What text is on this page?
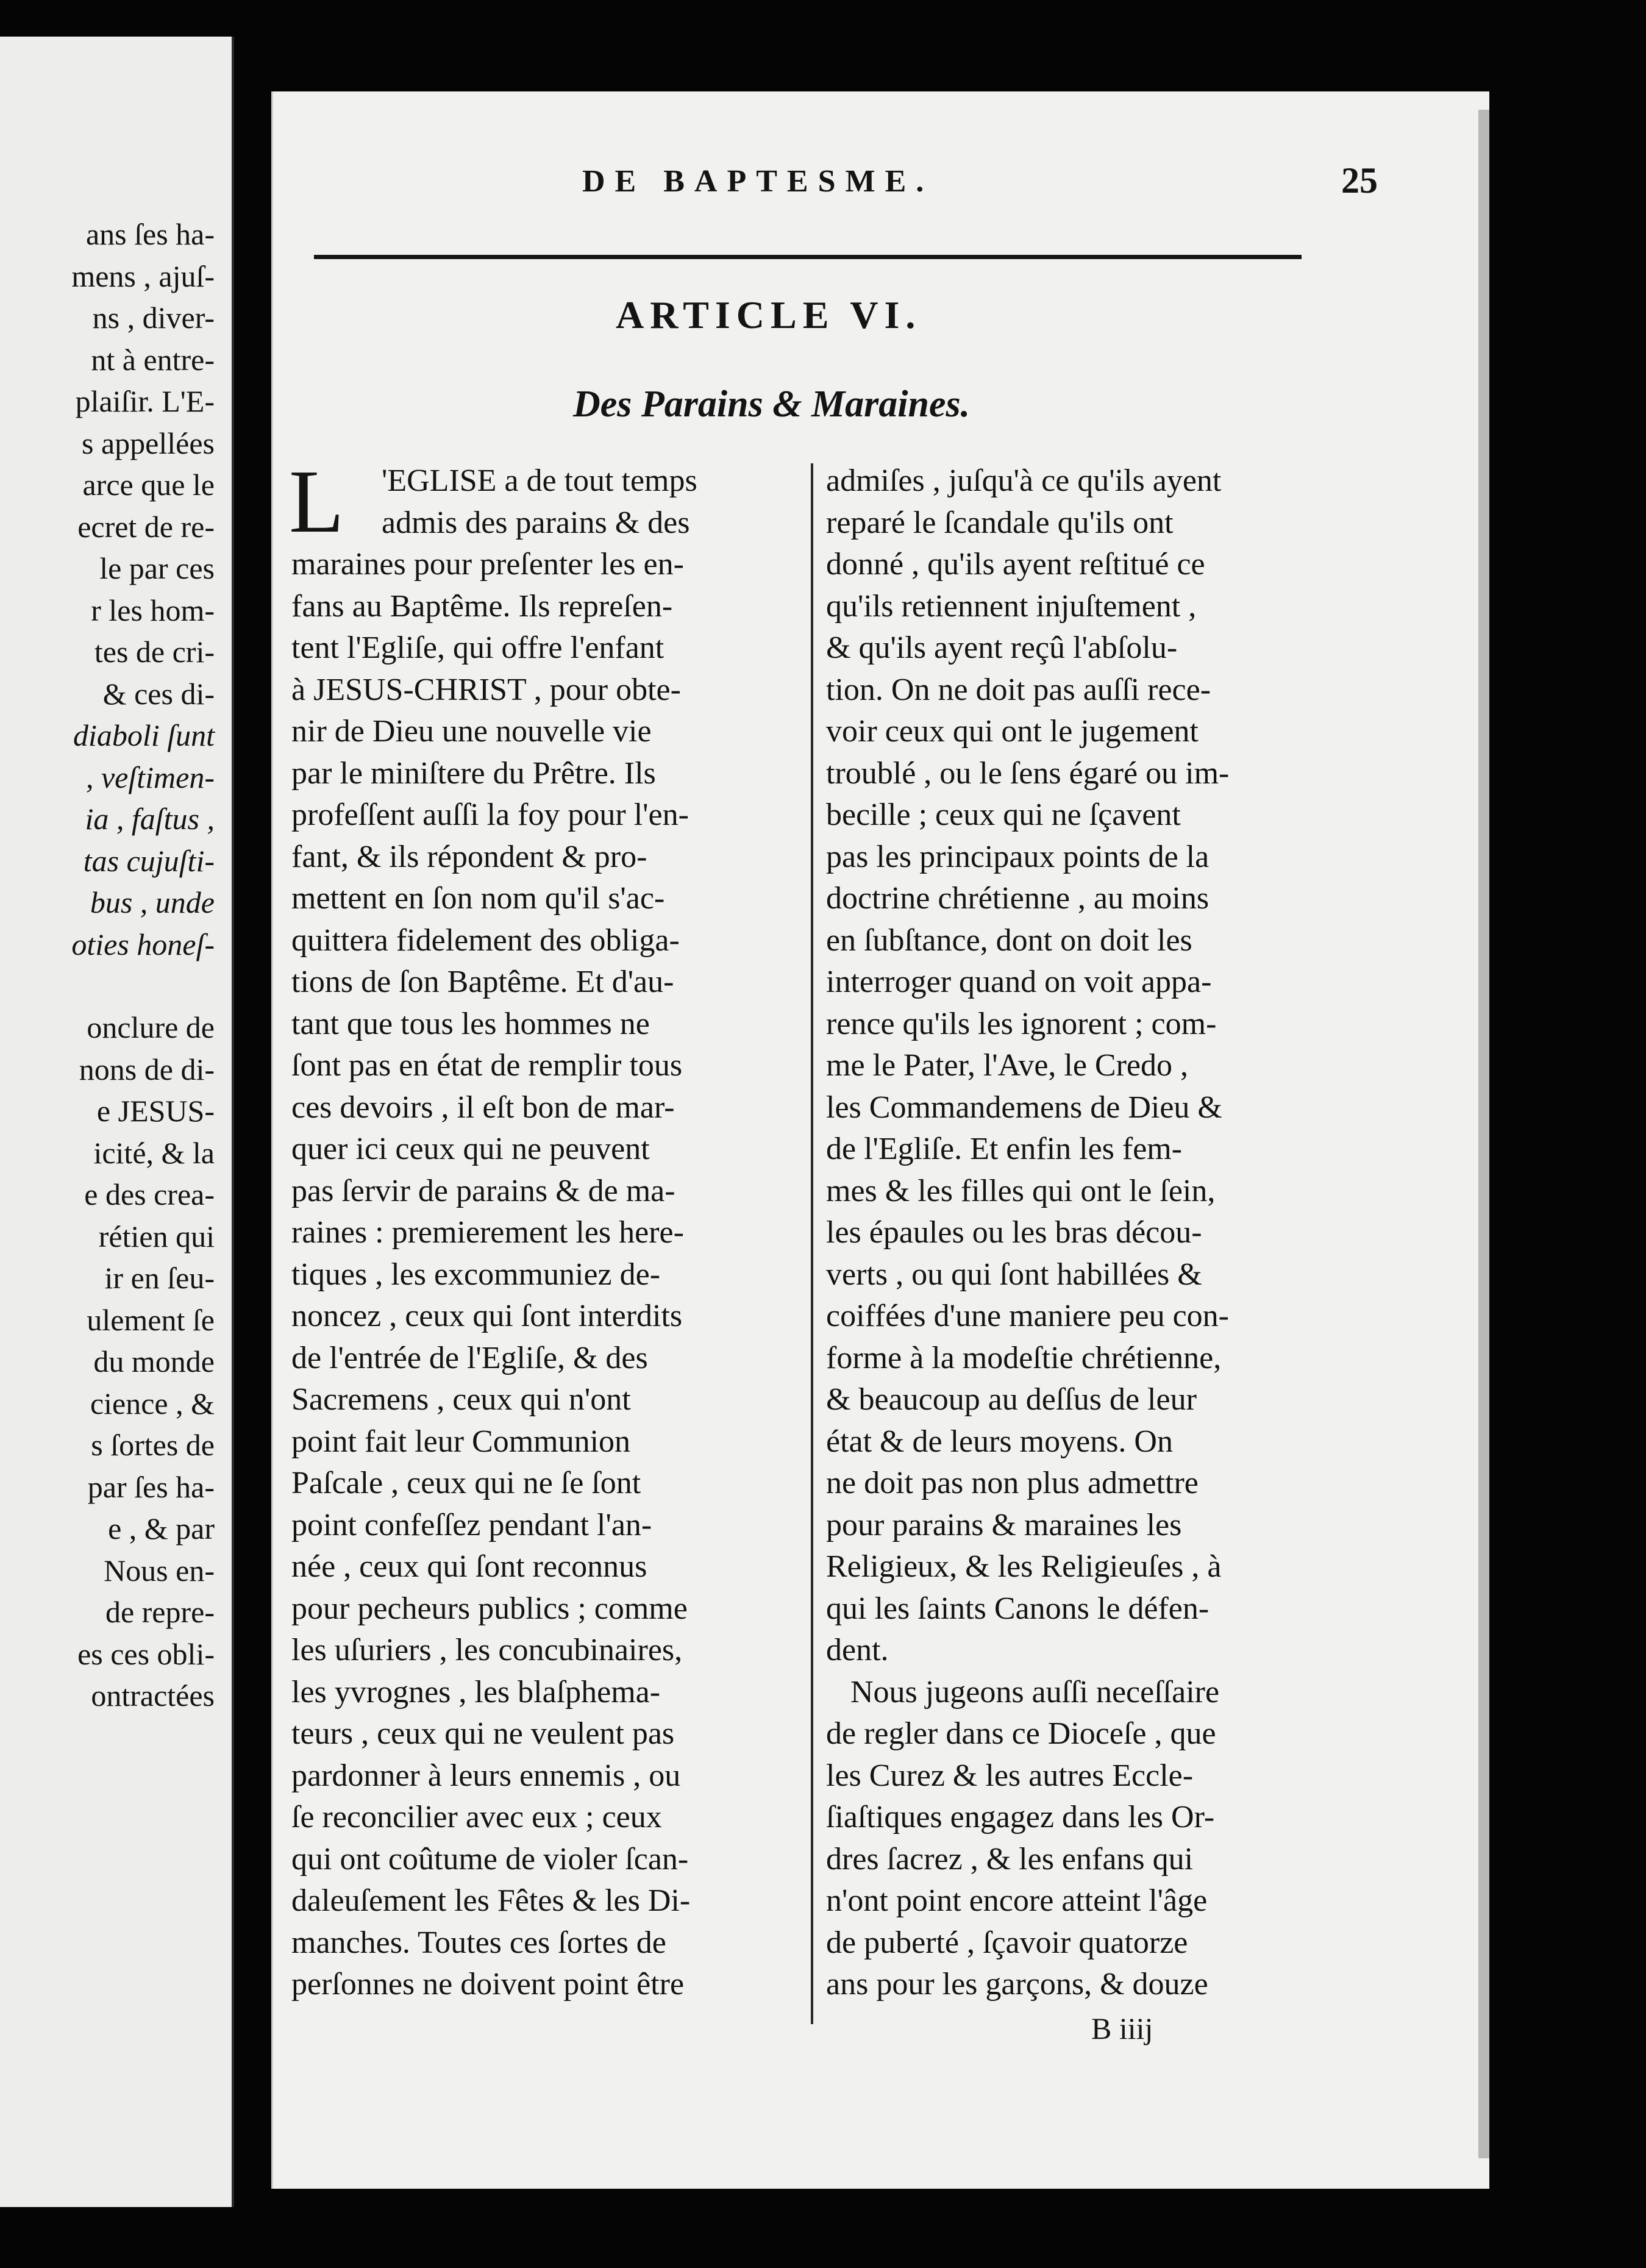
ans ſes ha-
mens , ajuſ-
ns , diver-
nt à entre-
plaiſir. L'E-
s appellées
arce que le
ecret de re-
le par ces
r les hom-
tes de cri-
& ces di-
diaboli ſunt
, veſtimen-
ia , faſtus ,
tas cujuſti-
bus , unde
oties honeſ-
onclure de
nons de di-
e JESUS-
icité, & la
e des crea-
rétien qui
ir en ſeu-
ulement ſe
du monde
cience , &
s ſortes de
par ſes ha-
e , & par
Nous en-
de repre-
es ces obli-
ontractées
DE BAPTESME.	25
ARTICLE VI.
Des Parains & Maraines.
L	'EGLISE a de tout temps
admis des parains & des
maraines pour preſenter les en-
fans au Baptême. Ils repreſen-
tent l'Egliſe, qui offre l'enfant
à JESUS-CHRIST , pour obte-
nir de Dieu une nouvelle vie
par le miniſtere du Prêtre. Ils
profeſſent auſſi la foy pour l'en-
fant, & ils répondent & pro-
mettent en ſon nom qu'il s'ac-
quittera fidelement des obliga-
tions de ſon Baptême. Et d'au-
tant que tous les hommes ne
ſont pas en état de remplir tous
ces devoirs , il eſt bon de mar-
quer ici ceux qui ne peuvent
pas ſervir de parains & de ma-
raines : premierement les here-
tiques , les excommuniez de-
noncez , ceux qui ſont interdits
de l'entrée de l'Egliſe, & des
Sacremens , ceux qui n'ont
point fait leur Communion
Paſcale , ceux qui ne ſe ſont
point confeſſez pendant l'an-
née , ceux qui ſont reconnus
pour pecheurs publics ; comme
les uſuriers , les concubinaires,
les yvrognes , les blaſphema-
teurs , ceux qui ne veulent pas
pardonner à leurs ennemis , ou
ſe reconcilier avec eux ; ceux
qui ont coûtume de violer ſcan-
daleuſement les Fêtes & les Di-
manches. Toutes ces ſortes de
perſonnes ne doivent point être
admiſes , juſqu'à ce qu'ils ayent
reparé le ſcandale qu'ils ont
donné , qu'ils ayent reſtitué ce
qu'ils retiennent injuſtement ,
& qu'ils ayent reçû l'abſolu-
tion. On ne doit pas auſſi rece-
voir ceux qui ont le jugement
troublé , ou le ſens égaré ou im-
becille ; ceux qui ne ſçavent
pas les principaux points de la
doctrine chrétienne , au moins
en ſubſtance, dont on doit les
interroger quand on voit appa-
rence qu'ils les ignorent ; com-
me le Pater, l'Ave, le Credo ,
les Commandemens de Dieu &
de l'Egliſe. Et enfin les fem-
mes & les filles qui ont le ſein,
les épaules ou les bras décou-
verts , ou qui ſont habillées &
coiffées d'une maniere peu con-
forme à la modeſtie chrétienne,
& beaucoup au deſſus de leur
état & de leurs moyens. On
ne doit pas non plus admettre
pour parains & maraines les
Religieux, & les Religieuſes , à
qui les ſaints Canons le défen-
dent.
Nous jugeons auſſi neceſſaire
de regler dans ce Dioceſe , que
les Curez & les autres Eccle-
ſiaſtiques engagez dans les Or-
dres ſacrez , & les enfans qui
n'ont point encore atteint l'âge
de puberté , ſçavoir quatorze
ans pour les garçons, & douze
B iiij
